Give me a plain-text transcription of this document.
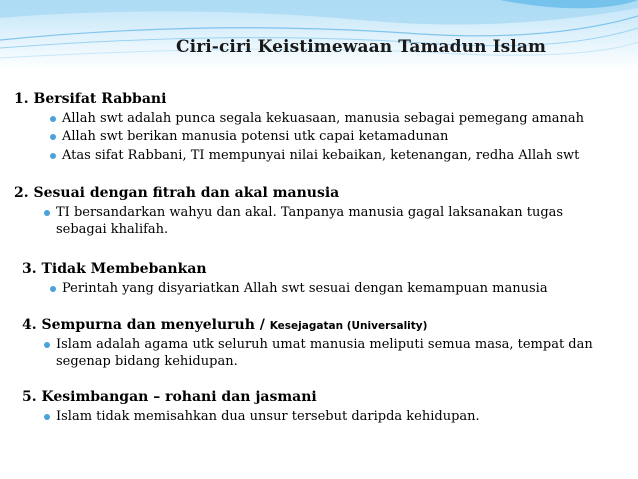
Ciri-ciri Keistimewaan Tamadun Islam
1. Bersifat Rabbani
Allah swt adalah punca segala kekuasaan, manusia sebagai pemegang amanah
Allah swt berikan manusia potensi utk capai ketamadunan
Atas sifat Rabbani, TI mempunyai nilai kebaikan, ketenangan, redha Allah swt
2. Sesuai dengan fitrah dan akal manusia
TI bersandarkan wahyu dan akal. Tanpanya manusia gagal laksanakan tugas
sebagai khalifah.
3. Tidak Membebankan
Perintah yang disyariatkan Allah swt sesuai dengan kemampuan manusia
4. Sempurna dan menyeluruh / Kesejagatan (Universality)
Islam adalah agama utk seluruh umat manusia meliputi semua masa, tempat dan
segenap bidang kehidupan.
5. Kesimbangan – rohani dan jasmani
Islam tidak memisahkan dua unsur tersebut daripda kehidupan.
